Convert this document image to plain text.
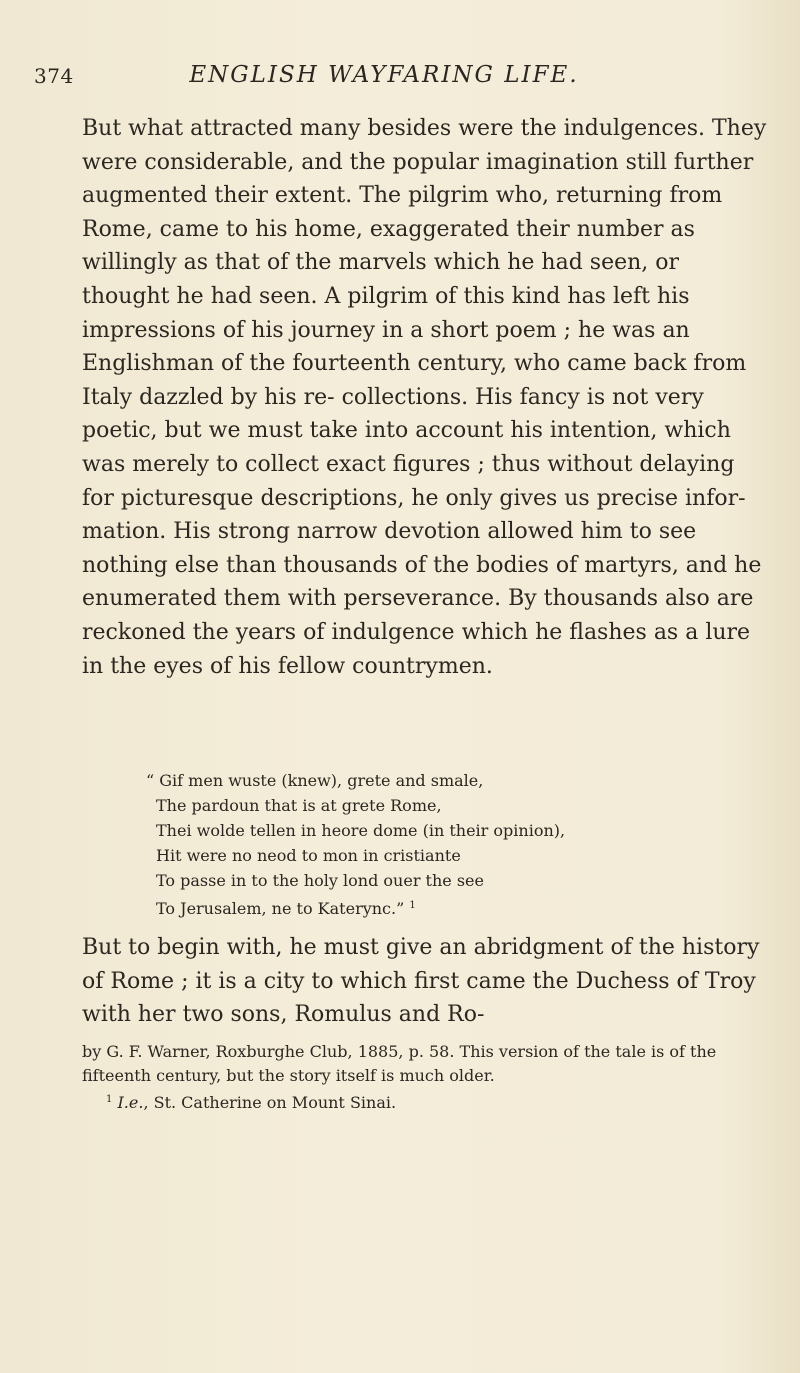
374	ENGLISH WAYFARING LIFE.

But what attracted many besides were the indulgences. They were considerable, and the popular imagination still further augmented their extent. The pilgrim who, returning from Rome, came to his home, exaggerated their number as willingly as that of the marvels which he had seen, or thought he had seen. A pilgrim of this kind has left his impressions of his journey in a short poem ; he was an Englishman of the fourteenth century, who came back from Italy dazzled by his re- collections. His fancy is not very poetic, but we must take into account his intention, which was merely to collect exact figures ; thus without delaying for picturesque descriptions, he only gives us precise infor- mation. His strong narrow devotion allowed him to see nothing else than thousands of the bodies of martyrs, and he enumerated them with perseverance. By thousands also are reckoned the years of indulgence which he flashes as a lure in the eyes of his fellow countrymen.

“ Gif men wuste (knew), grete and smale,
The pardoun that is at grete Rome,
Thei wolde tellen in heore dome (in their opinion),
Hit were no neod to mon in cristiante
To passe in to the holy lond ouer the see
To Jerusalem, ne to Katerync.” $^1$

But to begin with, he must give an abridgment of the history of Rome ; it is a city to which first came the Duchess of Troy with her two sons, Romulus and Ro-

by G. F. Warner, Roxburghe Club, 1885, p. 58. This version of the tale is of the fifteenth century, but the story itself is much older.

$^1$ I.e., St. Catherine on Mount Sinai.
